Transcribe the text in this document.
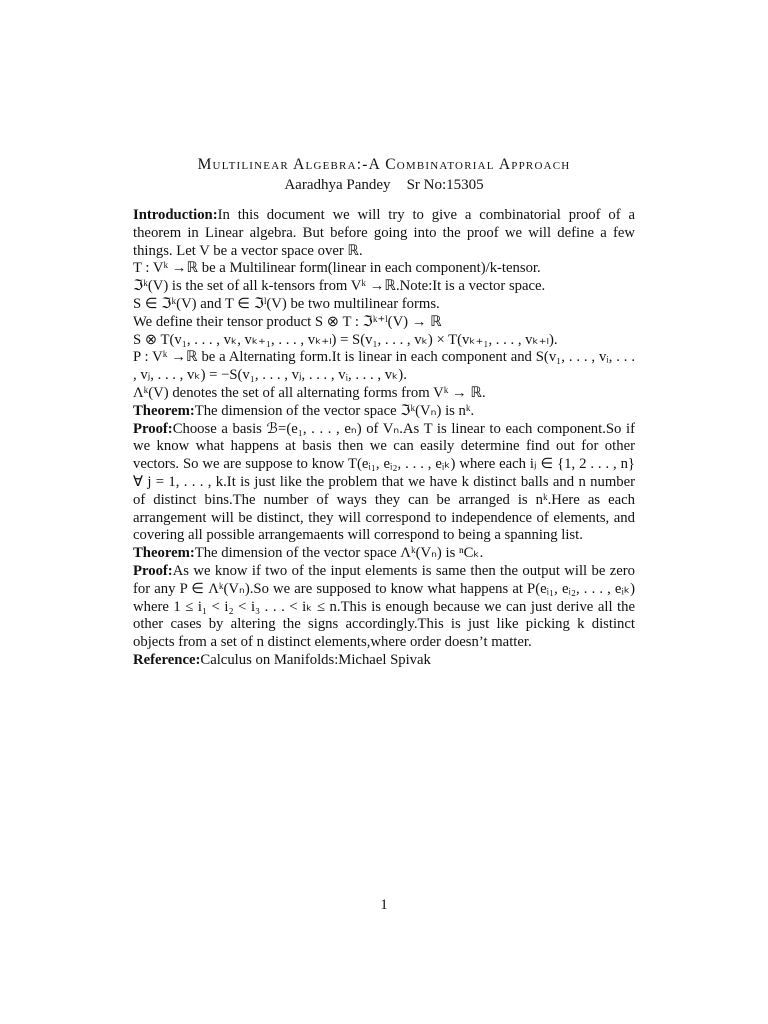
Multilinear Algebra:-A Combinatorial Approach
Aaradhya Pandey Sr No:15305

Introduction:In this document we will try to give a combinatorial proof of a theorem in Linear algebra. But before going into the proof we will define a few things. Let V be a vector space over ℝ.

T : Vᵏ →ℝ be a Multilinear form(linear in each component)/k-tensor.

ℑᵏ(V) is the set of all k-tensors from Vᵏ →ℝ.Note:It is a vector space.

S ∈ ℑᵏ(V) and T ∈ ℑˡ(V) be two multilinear forms.

We define their tensor product S ⊗ T : ℑᵏ⁺ˡ(V) → ℝ

S ⊗ T(v₁, . . . , vₖ, vₖ₊₁, . . . , vₖ₊ₗ) = S(v₁, . . . , vₖ) × T(vₖ₊₁, . . . , vₖ₊ₗ).

P : Vᵏ →ℝ be a Alternating form.It is linear in each component and S(v₁, . . . , vᵢ, . . . , vⱼ, . . . , vₖ) = −S(v₁, . . . , vⱼ, . . . , vᵢ, . . . , vₖ).

Λᵏ(V) denotes the set of all alternating forms from Vᵏ → ℝ.

Theorem:The dimension of the vector space ℑᵏ(Vₙ) is nᵏ.

Proof:Choose a basis ℬ=(e₁, . . . , eₙ) of Vₙ.As T is linear to each component.So if we know what happens at basis then we can easily determine find out for other vectors. So we are suppose to know T(eᵢ₁, eᵢ₂, . . . , eᵢₖ) where each iⱼ ∈ {1, 2 . . . , n} ∀ j = 1, . . . , k.It is just like the problem that we have k distinct balls and n number of distinct bins.The number of ways they can be arranged is nᵏ.Here as each arrangement will be distinct, they will correspond to independence of elements, and covering all possible arrangemaents will correspond to being a spanning list.

Theorem:The dimension of the vector space Λᵏ(Vₙ) is ⁿCₖ.

Proof:As we know if two of the input elements is same then the output will be zero for any P ∈ Λᵏ(Vₙ).So we are supposed to know what happens at P(eᵢ₁, eᵢ₂, . . . , eᵢₖ) where 1 ≤ i₁ < i₂ < i₃ . . . < iₖ ≤ n.This is enough because we can just derive all the other cases by altering the signs accordingly.This is just like picking k distinct objects from a set of n distinct elements,where order doesn’t matter.

Reference:Calculus on Manifolds:Michael Spivak

1
